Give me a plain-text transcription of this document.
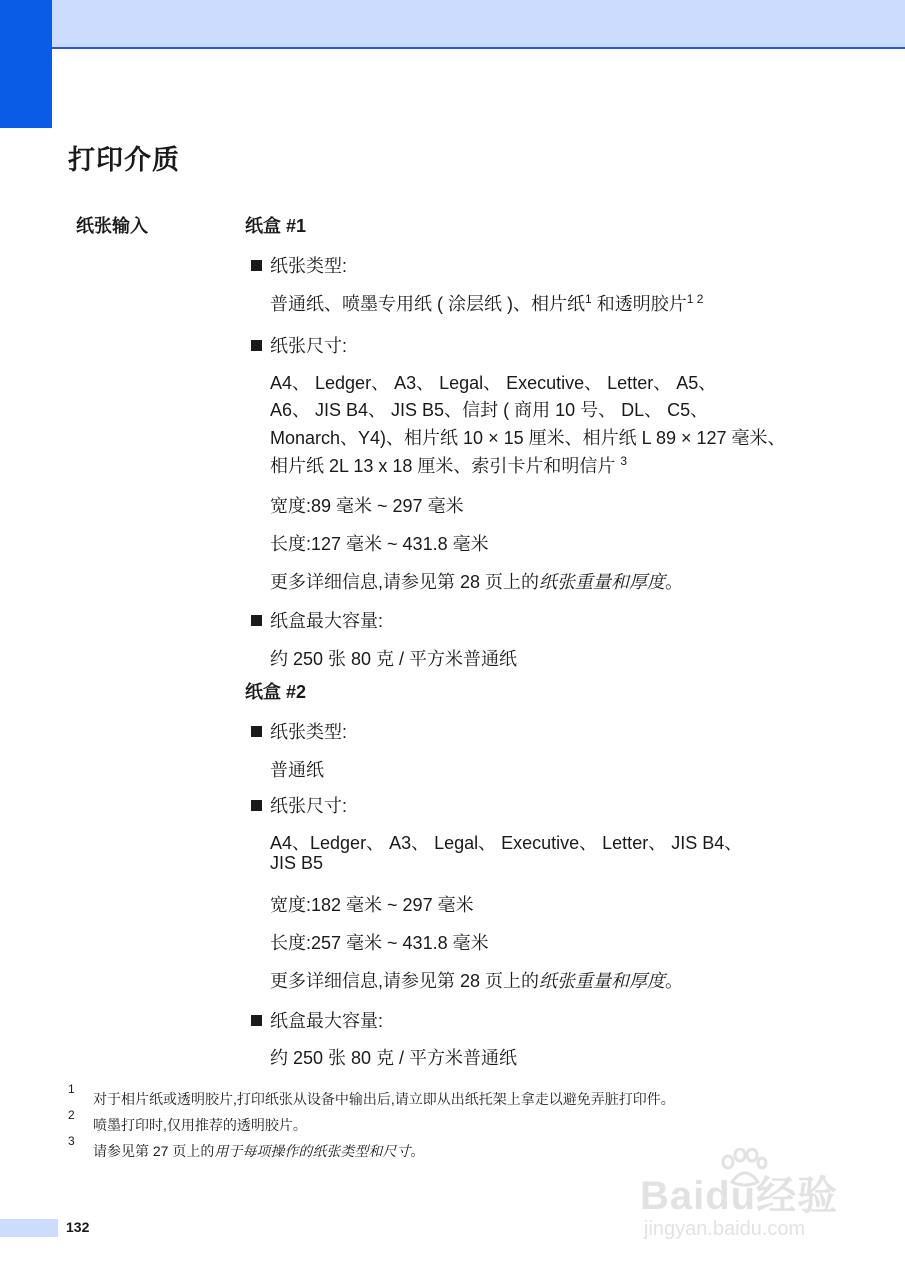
打印介质
纸张输入	纸盒 #1
纸张类型:
普通纸、喷墨专用纸 ( 涂层纸 )、相片纸$^1$ 和透明胶片$^{1 2}$
纸张尺寸:
A4、 Ledger、 A3、 Legal、 Executive、 Letter、 A5、
A6、 JIS B4、 JIS B5、信封 ( 商用 10 号、 DL、 C5、
Monarch、Y4)、相片纸 10 × 15 厘米、相片纸 L 89 × 127 毫米、
相片纸 2L 13 x 18 厘米、索引卡片和明信片 $^3$
宽度:89 毫米 ~ 297 毫米
长度:127 毫米 ~ 431.8 毫米
更多详细信息,请参见第 28 页上的纸张重量和厚度。
纸盒最大容量:
约 250 张 80 克 / 平方米普通纸
纸盒 #2
纸张类型:
普通纸
纸张尺寸:
A4、Ledger、 A3、 Legal、 Executive、 Letter、 JIS B4、
JIS B5
宽度:182 毫米 ~ 297 毫米
长度:257 毫米 ~ 431.8 毫米
更多详细信息,请参见第 28 页上的纸张重量和厚度。
纸盒最大容量:
约 250 张 80 克 / 平方米普通纸
1
对于相片纸或透明胶片,打印纸张从设备中输出后,请立即从出纸托架上拿走以避免弄脏打印件。
2
喷墨打印时,仅用推荐的透明胶片。
3
请参见第 27 页上的用于每项操作的纸张类型和尺寸。
132
Baidu经验
jingyan.baidu.com
